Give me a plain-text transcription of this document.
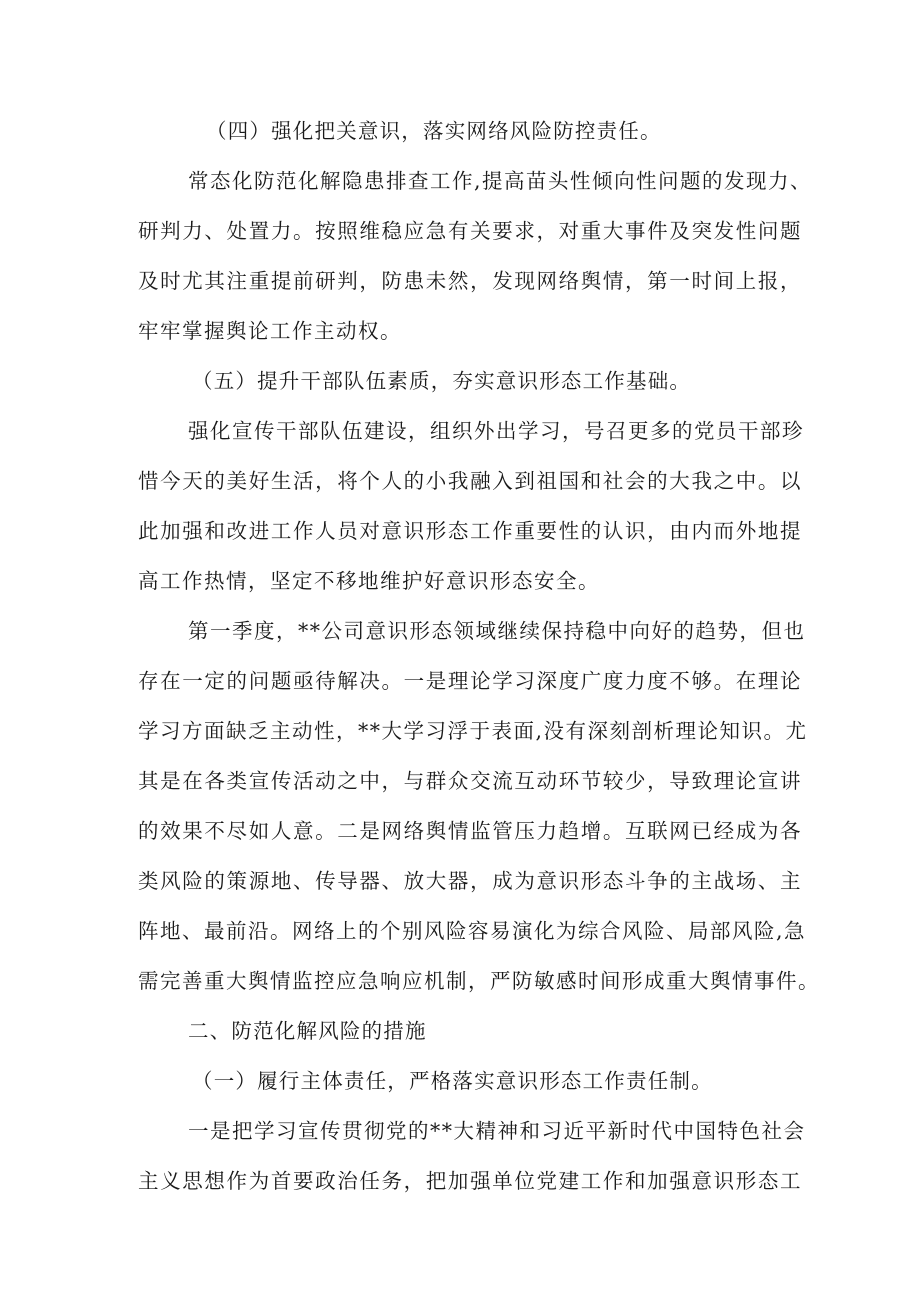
（四）强化把关意识，落实网络风险防控责任。
常态化防范化解隐患排查工作,提高苗头性倾向性问题的发现力、
研判力、处置力。按照维稳应急有关要求，对重大事件及突发性问题
及时尤其注重提前研判，防患未然，发现网络舆情，第一时间上报，
牢牢掌握舆论工作主动权。
（五）提升干部队伍素质，夯实意识形态工作基础。
强化宣传干部队伍建设，组织外出学习，号召更多的党员干部珍
惜今天的美好生活，将个人的小我融入到祖国和社会的大我之中。以
此加强和改进工作人员对意识形态工作重要性的认识，由内而外地提
高工作热情，坚定不移地维护好意识形态安全。
第一季度，**公司意识形态领域继续保持稳中向好的趋势，但也
存在一定的问题亟待解决。一是理论学习深度广度力度不够。在理论
学习方面缺乏主动性，**大学习浮于表面,没有深刻剖析理论知识。尤
其是在各类宣传活动之中，与群众交流互动环节较少，导致理论宣讲
的效果不尽如人意。二是网络舆情监管压力趋增。互联网已经成为各
类风险的策源地、传导器、放大器，成为意识形态斗争的主战场、主
阵地、最前沿。网络上的个别风险容易演化为综合风险、局部风险,急
需完善重大舆情监控应急响应机制，严防敏感时间形成重大舆情事件。
二、防范化解风险的措施
（一）履行主体责任，严格落实意识形态工作责任制。
一是把学习宣传贯彻党的**大精神和习近平新时代中国特色社会
主义思想作为首要政治任务，把加强单位党建工作和加强意识形态工
